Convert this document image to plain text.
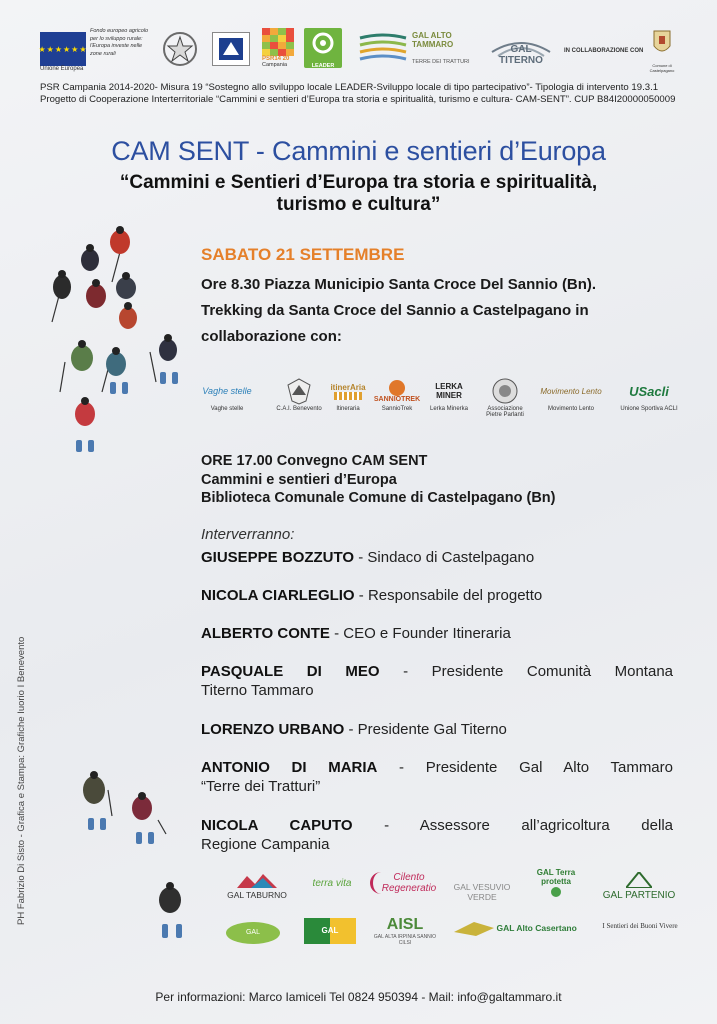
★★★★★★
Unione Europea
Fondo europeo agricolo per lo sviluppo rurale: l'Europa investe nelle zone rurali
PSR14 20
Campania	LEADER
GAL ALTO TAMMARO
TERRE DEI TRATTURI
GAL TITERNO
IN COLLABORAZIONE CON
Comune di Castelpagano
PSR Campania 2014-2020- Misura 19 “Sostegno allo sviluppo locale LEADER-Sviluppo locale di tipo partecipativo”- Tipologia di intervento 19.3.1 Progetto di Cooperazione Interterritoriale “Cammini e sentieri d’Europa tra storia e spiritualità, turismo e cultura- CAM-SENT”. CUP B84I20000050009
CAM SENT - Cammini e sentieri d’Europa
“Cammini e Sentieri d’Europa tra storia e spiritualità,
turismo e cultura”
PH Fabrizio Di Sisto - Grafica e Stampa: Grafiche Iuorio I Benevento
SABATO 21 SETTEMBRE
Ore 8.30 Piazza Municipio Santa Croce Del Sannio (Bn).
Trekking da Santa Croce del Sannio a Castelpagano in
collaborazione con:
Vaghe stelle
Vaghe stelle	C.A.I. Benevento
itinerAria
Itineraria
SANNIOTREK
SannioTrek
LERKA MINER
Lerka Minerka	Associazione Pietre Parlanti
Movimento Lento
Movimento Lento
USacli
Unione Sportiva ACLI
ORE 17.00 Convegno CAM SENT
Cammini e sentieri d’Europa
Biblioteca Comunale Comune di Castelpagano (Bn)
Interverranno:
GIUSEPPE BOZZUTO - Sindaco di Castelpagano
NICOLA CIARLEGLIO - Responsabile del progetto
ALBERTO CONTE - CEO e Founder Itineraria
PASQUALE DI MEO - Presidente Comunità Montana
Titerno Tammaro
LORENZO URBANO - Presidente Gal Titerno
ANTONIO DI MARIA - Presidente Gal Alto Tammaro
“Terre dei Tratturi”
NICOLA CAPUTO - Assessore all’agricoltura della
Regione Campania
GAL TABURNO
terra vita
Cilento Regeneratio	GAL VESUVIO VERDE
GAL Terra protetta
GAL PARTENIO
GAL	GAL	AISL
GAL ALTA IRPINIA SANNIO CILSI
GAL Alto Casertano	I Sentieri dei Buoni Vivere
Per informazioni: Marco Iamiceli Tel 0824 950394 - Mail: info@galtammaro.it
